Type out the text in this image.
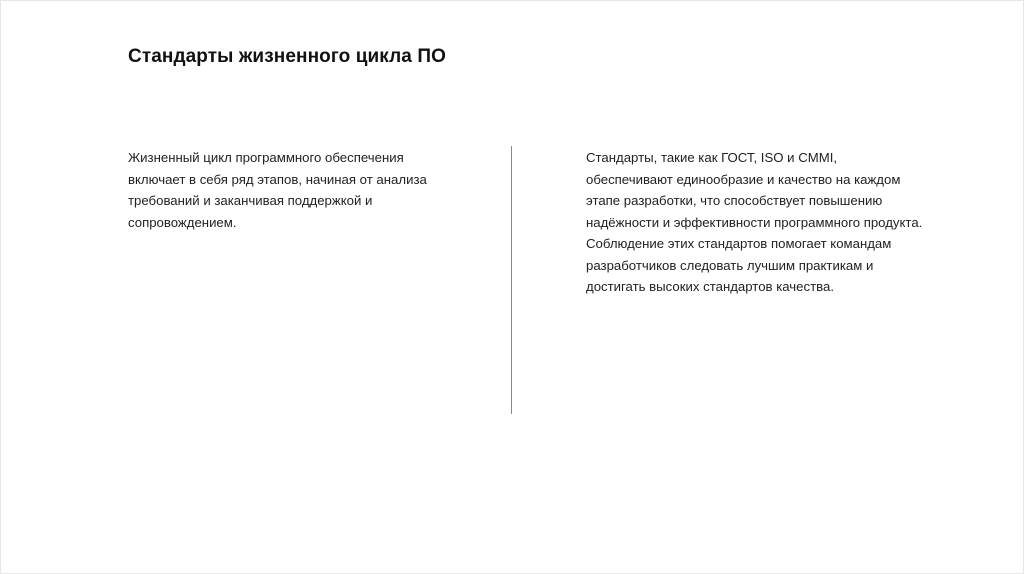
Стандарты жизненного цикла ПО

Жизненный цикл программного обеспечения включает в себя ряд этапов, начиная от анализа требований и заканчивая поддержкой и сопровождением.

Стандарты, такие как ГОСТ, ISO и CMMI, обеспечивают единообразие и качество на каждом этапе разработки, что способствует повышению надёжности и эффективности программного продукта. Соблюдение этих стандартов помогает командам разработчиков следовать лучшим практикам и достигать высоких стандартов качества.
